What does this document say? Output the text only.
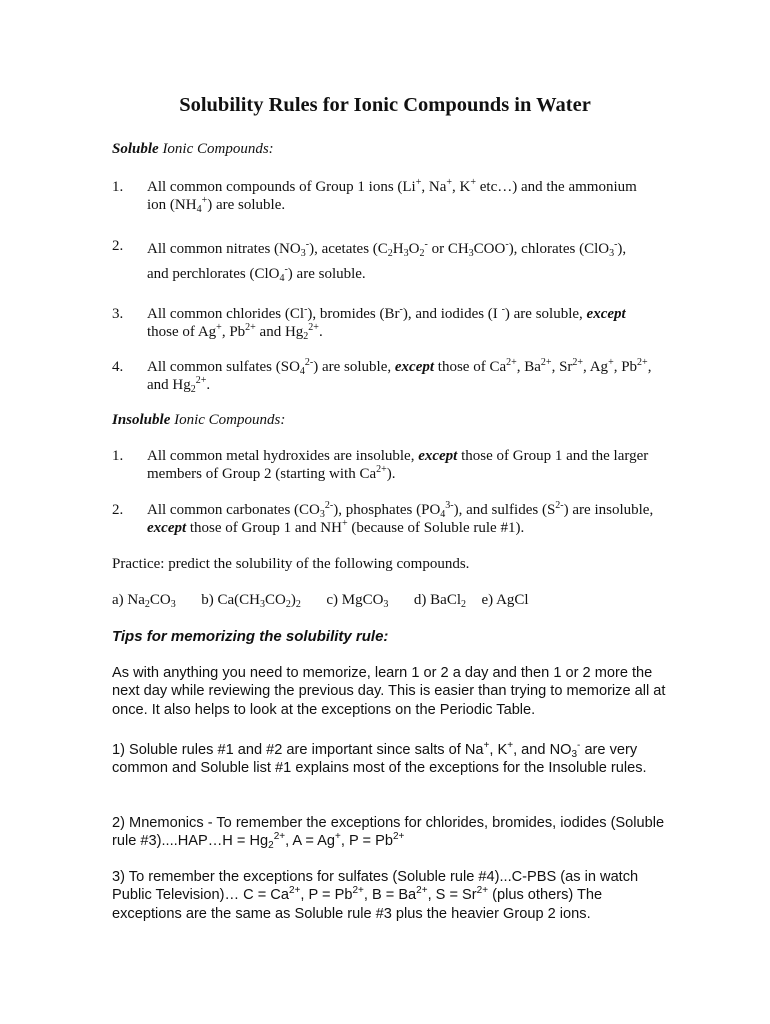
Solubility Rules for Ionic Compounds in Water
Soluble Ionic Compounds:
1. All common compounds of Group 1 ions (Li+, Na+, K+ etc…) and the ammonium
ion $(NH_4^+)$ are soluble.
2. All common nitrates $(NO_3^-)$, acetates ($C_2H_3O_2^-$ or $CH_3COO^-$), chlorates (ClO$_3$-),
and perchlorates (ClO$_4$-) are soluble.
3. All common chlorides (Cl-), bromides (Br-), and iodides (I -) are soluble, except
those of Ag+, $Pb^{2+}$ and $Hg_2^{2+}$.
4. All common sulfates $(SO_4^{2-})$ are soluble, except those of $Ca^{2+}$, $Ba^{2+}$, $Sr^{2+}$, Ag+, $Pb^{2+}$,
and $Hg_2^{2+}$.
Insoluble Ionic Compounds:
1. All common metal hydroxides are insoluble, except those of Group 1 and the larger
members of Group 2 (starting with $Ca^{2+}$).
2. All common carbonates $(CO_3^{2-})$, phosphates $(PO_4^{3-})$, and sulfides $(S^{2-})$ are insoluble,
except those of Group 1 and NH+ (because of Soluble rule #1).
Practice: predict the solubility of the following compounds.
a) $Na_2CO_3$ b) $Ca(CH_3CO_2)_2$ c) MgCO$_3$ d) BaCl$_2$ e) AgCl
Tips for memorizing the solubility rule:
As with anything you need to memorize, learn 1 or 2 a day and then 1 or 2 more the next day while reviewing the previous day. This is easier than trying to memorize all at once. It also helps to look at the exceptions on the Periodic Table.
1) Soluble rules #1 and #2 are important since salts of Na+, K+, and $NO_3^-$ are very common and Soluble list #1 explains most of the exceptions for the Insoluble rules.
2) Mnemonics - To remember the exceptions for chlorides, bromides, iodides (Soluble rule #3)....HAP…H = $Hg_2^{2+}$, A = Ag+, $P = Pb^{2+}$
3) To remember the exceptions for sulfates (Soluble rule #4)...C-PBS (as in watch Public Television)… $C = Ca^{2+}$, $P = Pb^{2+}$, $B = Ba^{2+}$, $S = Sr^{2+}$ (plus others) The exceptions are the same as Soluble rule #3 plus the heavier Group 2 ions.
